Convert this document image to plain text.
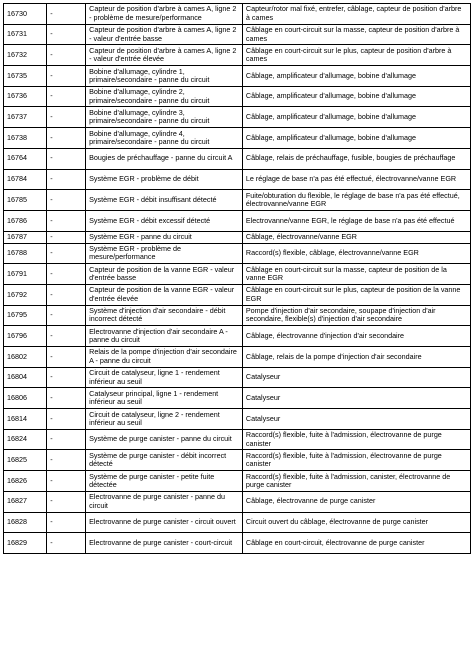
16730	-	Capteur de position d'arbre à cames A, ligne 2 - problème de mesure/performance	Capteur/rotor mal fixé, entrefer, câblage, capteur de position d'arbre à cames
16731	-	Capteur de position d'arbre à cames A, ligne 2 - valeur d'entrée basse	Câblage en court-circuit sur la masse, capteur de position d'arbre à cames
16732	-	Capteur de position d'arbre à cames A, ligne 2 - valeur d'entrée élevée	Câblage en court-circuit sur le plus, capteur de position d'arbre à cames
16735	-	Bobine d'allumage, cylindre 1, primaire/secondaire - panne du circuit	Câblage, amplificateur d'allumage, bobine d'allumage
16736	-	Bobine d'allumage, cylindre 2, primaire/secondaire - panne du circuit	Câblage, amplificateur d'allumage, bobine d'allumage
16737	-	Bobine d'allumage, cylindre 3, primaire/secondaire - panne du circuit	Câblage, amplificateur d'allumage, bobine d'allumage
16738	-	Bobine d'allumage, cylindre 4, primaire/secondaire - panne du circuit	Câblage, amplificateur d'allumage, bobine d'allumage
16764	-	Bougies de préchauffage - panne du circuit A	Câblage, relais de préchauffage, fusible, bougies de préchauffage
16784	-	Système EGR - problème de débit	Le réglage de base n'a pas été effectué, électrovanne/vanne EGR
16785	-	Système EGR - débit insuffisant détecté	Fuite/obturation du flexible, le réglage de base n'a pas été effectué, électrovanne/vanne EGR
16786	-	Système EGR - débit excessif détecté	Electrovanne/vanne EGR, le réglage de base n'a pas été effectué
16787	-	Système EGR - panne du circuit	Câblage, électrovanne/vanne EGR
16788	-	Système EGR - problème de mesure/performance	Raccord(s) flexible, câblage, électrovanne/vanne EGR
16791	-	Capteur de position de la vanne EGR - valeur d'entrée basse	Câblage en court-circuit sur la masse, capteur de position de la vanne EGR
16792	-	Capteur de position de la vanne EGR - valeur d'entrée élevée	Câblage en court-circuit sur le plus, capteur de position de la vanne EGR
16795	-	Système d'injection d'air secondaire - débit incorrect détecté	Pompe d'injection d'air secondaire, soupape d'injection d'air secondaire, flexible(s) d'injection d'air secondaire
16796	-	Electrovanne d'injection d'air secondaire A - panne du circuit	Câblage, électrovanne d'injection d'air secondaire
16802	-	Relais de la pompe d'injection d'air secondaire A - panne du circuit	Câblage, relais de la pompe d'injection d'air secondaire
16804	-	Circuit de catalyseur, ligne 1 - rendement inférieur au seuil	Catalyseur
16806	-	Catalyseur principal, ligne 1 - rendement inférieur au seuil	Catalyseur
16814	-	Circuit de catalyseur, ligne 2 - rendement inférieur au seuil	Catalyseur
16824	-	Système de purge canister - panne du circuit	Raccord(s) flexible, fuite à l'admission, électrovanne de purge canister
16825	-	Système de purge canister - débit incorrect détecté	Raccord(s) flexible, fuite à l'admission, électrovanne de purge canister
16826	-	Système de purge canister - petite fuite détectée	Raccord(s) flexible, fuite à l'admission, canister, électrovanne de purge canister
16827	-	Electrovanne de purge canister - panne du circuit	Câblage, électrovanne de purge canister
16828	-	Electrovanne de purge canister - circuit ouvert	Circuit ouvert du câblage, électrovanne de purge canister
16829	-	Electrovanne de purge canister - court-circuit	Câblage en court-circuit, électrovanne de purge canister
